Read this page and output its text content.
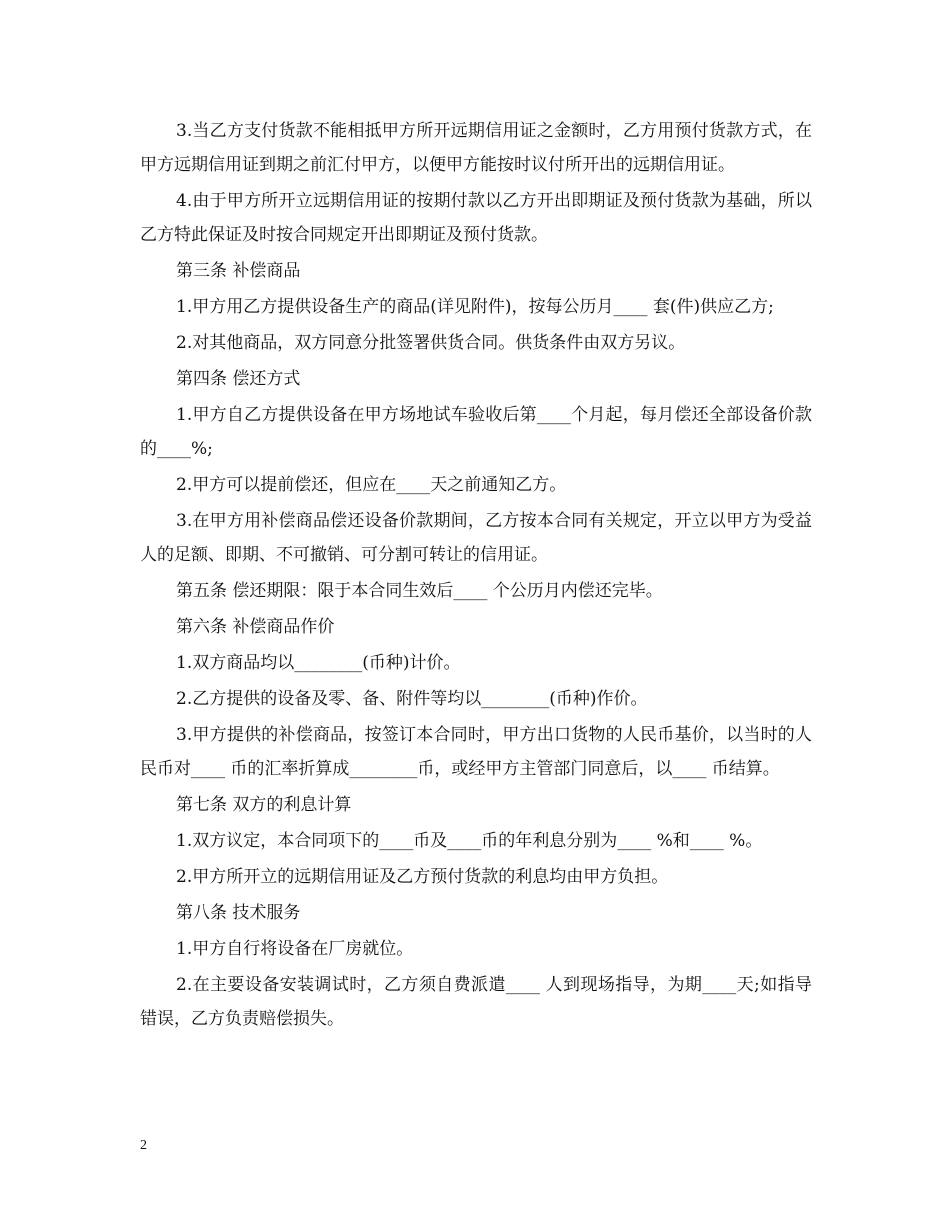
3.当乙方支付货款不能相抵甲方所开远期信用证之金额时，乙方用预付货款方式，在甲方远期信用证到期之前汇付甲方，以便甲方能按时议付所开出的远期信用证。

4.由于甲方所开立远期信用证的按期付款以乙方开出即期证及预付货款为基础，所以乙方特此保证及时按合同规定开出即期证及预付货款。

第三条 补偿商品

1.甲方用乙方提供设备生产的商品(详见附件)，按每公历月____ 套(件)供应乙方;

2.对其他商品，双方同意分批签署供货合同。供货条件由双方另议。

第四条 偿还方式

1.甲方自乙方提供设备在甲方场地试车验收后第____个月起，每月偿还全部设备价款的____%;

2.甲方可以提前偿还，但应在____天之前通知乙方。

3.在甲方用补偿商品偿还设备价款期间，乙方按本合同有关规定，开立以甲方为受益人的足额、即期、不可撤销、可分割可转让的信用证。

第五条 偿还期限：限于本合同生效后____ 个公历月内偿还完毕。

第六条 补偿商品作价

1.双方商品均以________(币种)计价。

2.乙方提供的设备及零、备、附件等均以________(币种)作价。

3.甲方提供的补偿商品，按签订本合同时，甲方出口货物的人民币基价，以当时的人民币对____ 币的汇率折算成________币，或经甲方主管部门同意后，以____ 币结算。

第七条 双方的利息计算

1.双方议定，本合同项下的____币及____币的年利息分别为____ %和____ %。

2.甲方所开立的远期信用证及乙方预付货款的利息均由甲方负担。

第八条 技术服务

1.甲方自行将设备在厂房就位。

2.在主要设备安装调试时，乙方须自费派遣____ 人到现场指导，为期____天;如指导错误，乙方负责赔偿损失。

2
